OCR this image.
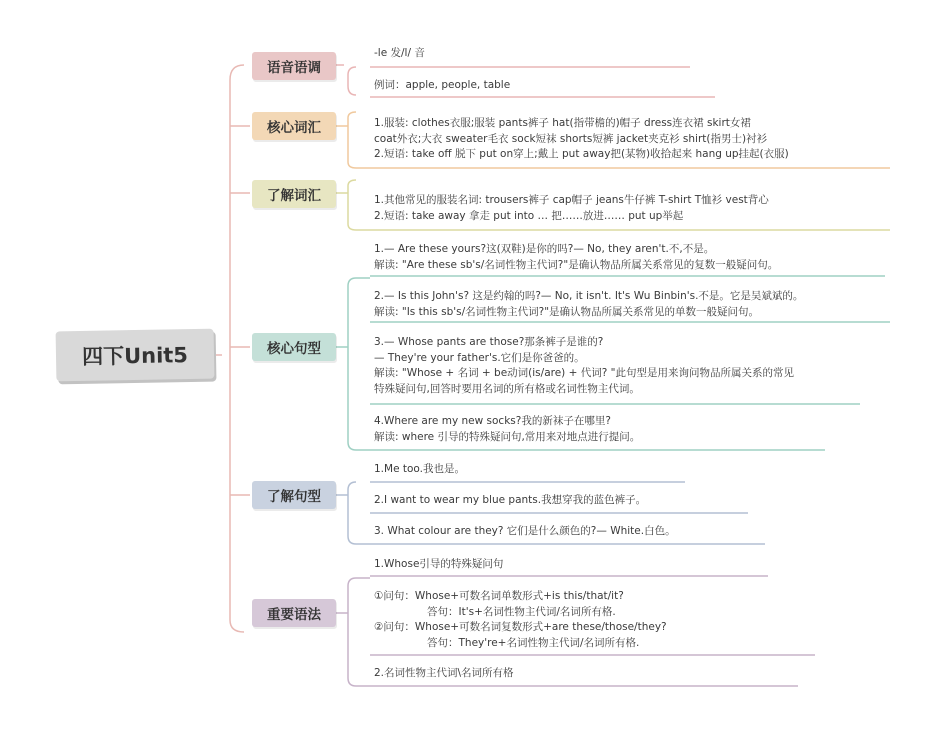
四下Unit5
语音语调
核心词汇
了解词汇
核心句型
了解句型
重要语法
-le 发/l/ 音
例词：apple, people, table
1.服装: clothes衣服;服装 pants裤子 hat(指带檐的)帽子 dress连衣裙 skirt女裙
coat外衣;大衣 sweater毛衣 sock短袜 shorts短裤 jacket夹克衫 shirt(指男士)衬衫
2.短语: take off 脱下 put on穿上;戴上 put away把(某物)收拾起来 hang up挂起(衣服)
1.其他常见的服装名词: trousers裤子 cap帽子 jeans牛仔裤 T-shirt T恤衫 vest背心
2.短语: take away 拿走 put into … 把……放进…… put up举起
1.— Are these yours?这(双鞋)是你的吗?— No, they aren't.不,不是。
解读: "Are these sb's/名词性物主代词?"是确认物品所属关系常见的复数一般疑问句。
2.— Is this John's? 这是约翰的吗?— No, it isn't. It's Wu Binbin's.不是。它是吴斌斌的。
解读: "Is this sb's/名词性物主代词?"是确认物品所属关系常见的单数一般疑问句。
3.— Whose pants are those?那条裤子是谁的?
— They're your father's.它们是你爸爸的。
解读: "Whose + 名词 + be动词(is/are) + 代词? "此句型是用来询问物品所属关系的常见
特殊疑问句,回答时要用名词的所有格或名词性物主代词。
4.Where are my new socks?我的新袜子在哪里?
解读: where 引导的特殊疑问句,常用来对地点进行提问。
1.Me too.我也是。
2.I want to wear my blue pants.我想穿我的蓝色裤子。
3. What colour are they? 它们是什么颜色的?— White.白色。
1.Whose引导的特殊疑问句
①问句：Whose+可数名词单数形式+is this/that/it?
答句：It's+名词性物主代词/名词所有格.
②问句：Whose+可数名词复数形式+are these/those/they?
答句：They're+名词性物主代词/名词所有格.
2.名词性物主代词\名词所有格
